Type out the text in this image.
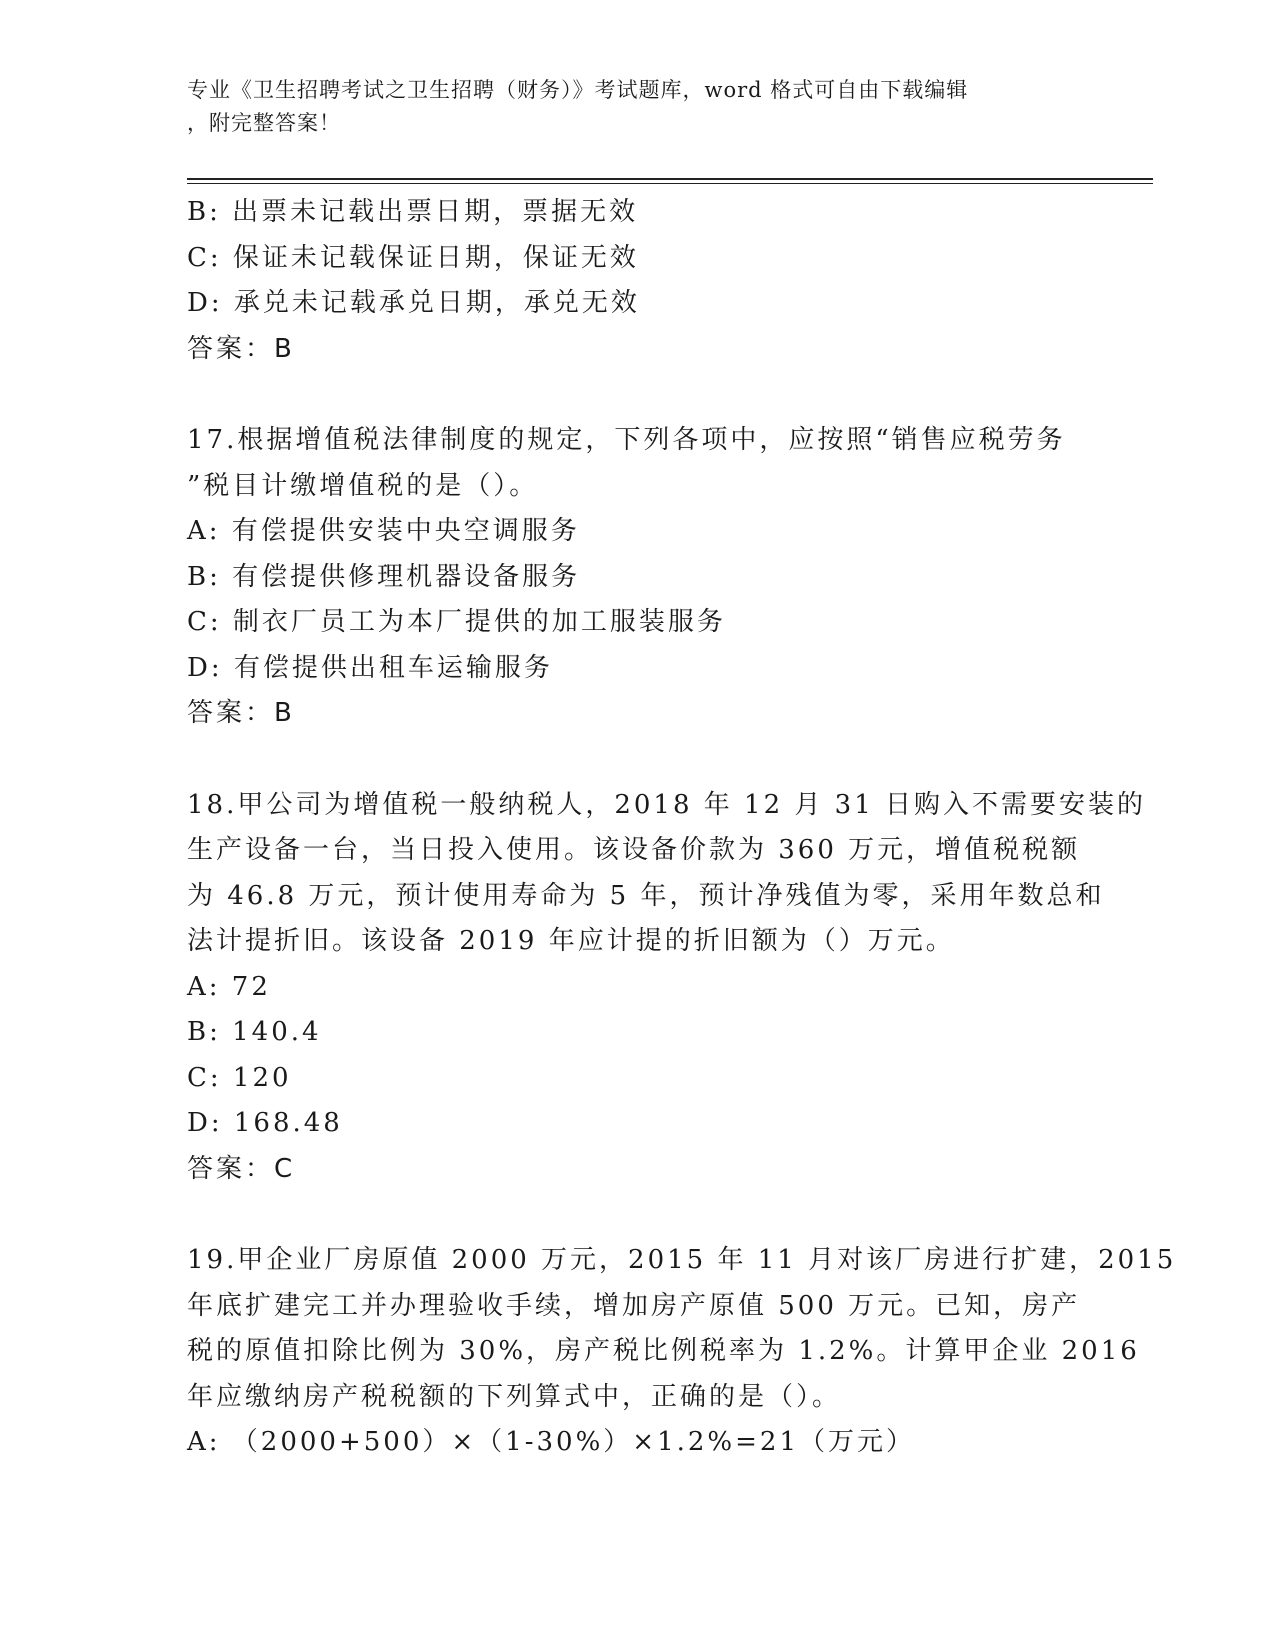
专业《卫生招聘考试之卫生招聘（财务）》考试题库，word 格式可自由下载编辑
，附完整答案！
B: 出票未记载出票日期，票据无效
C: 保证未记载保证日期，保证无效
D: 承兑未记载承兑日期，承兑无效
答案：B
17.根据增值税法律制度的规定，下列各项中，应按照“销售应税劳务
”税目计缴增值税的是（）。
A: 有偿提供安装中央空调服务
B: 有偿提供修理机器设备服务
C: 制衣厂员工为本厂提供的加工服装服务
D: 有偿提供出租车运输服务
答案：B
18.甲公司为增值税一般纳税人，2018 年 12 月 31 日购入不需要安装的
生产设备一台，当日投入使用。该设备价款为 360 万元，增值税税额
为 46.8 万元，预计使用寿命为 5 年，预计净残值为零，采用年数总和
法计提折旧。该设备 2019 年应计提的折旧额为（）万元。
A: 72
B: 140.4
C: 120
D: 168.48
答案：C
19.甲企业厂房原值 2000 万元，2015 年 11 月对该厂房进行扩建，2015
年底扩建完工并办理验收手续，增加房产原值 500 万元。已知，房产
税的原值扣除比例为 30%，房产税比例税率为 1.2%。计算甲企业 2016
年应缴纳房产税税额的下列算式中，正确的是（）。
A: （2000+500）×（1-30%）×1.2%=21（万元）
